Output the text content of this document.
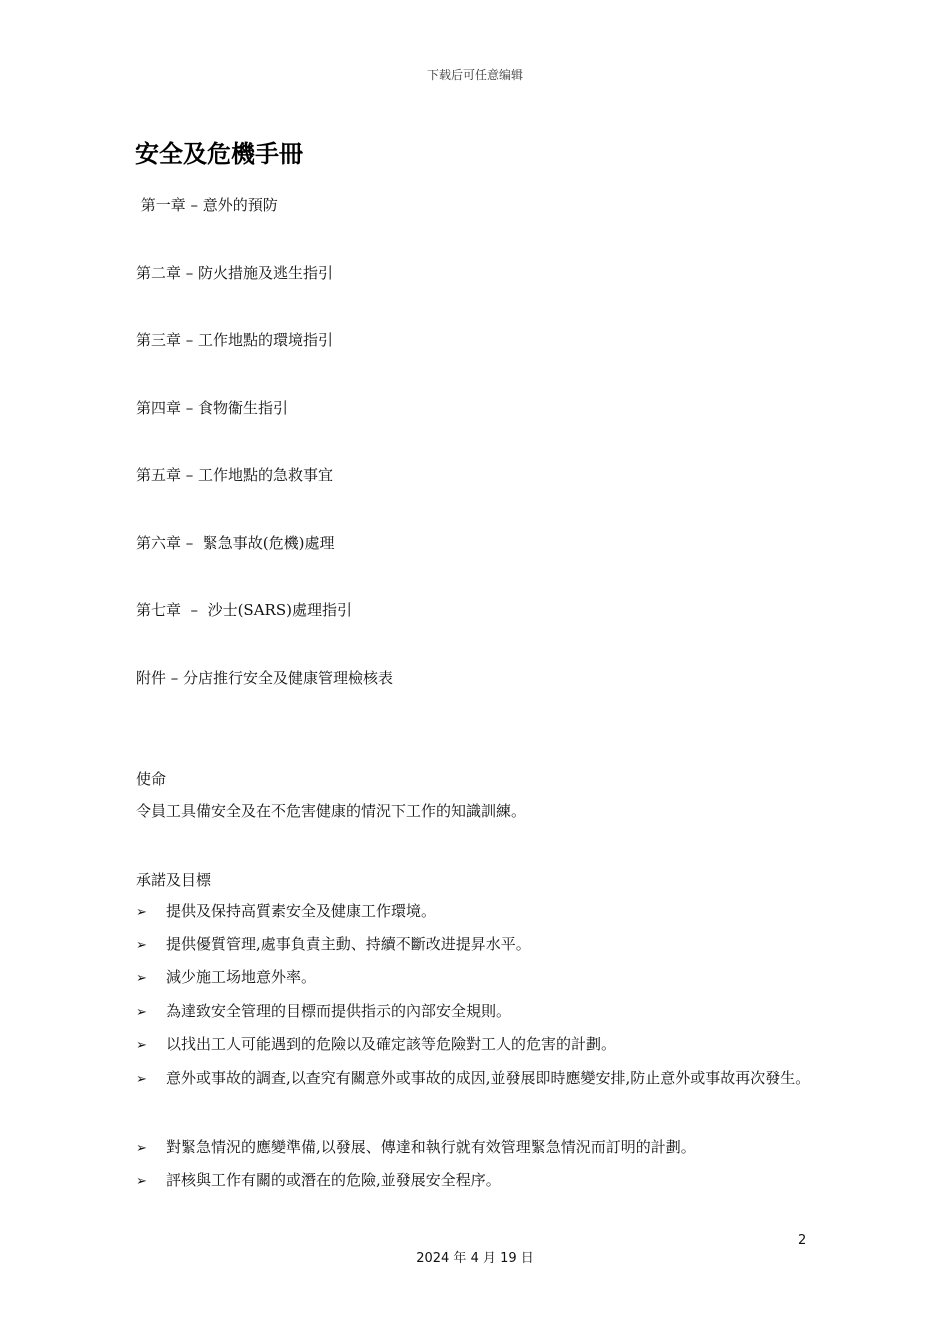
下载后可任意编辑
安全及危機手冊
第一章 – 意外的預防
第二章 – 防火措施及逃生指引
第三章 – 工作地點的環境指引
第四章 – 食物衞生指引
第五章 – 工作地點的急救事宜
第六章 –  緊急事故(危機)處理
第七章  –  沙士(SARS)處理指引
附件 – 分店推行安全及健康管理檢核表
使命
令員工具備安全及在不危害健康的情況下工作的知識訓練。
承諾及目標
➢ 提供及保持高質素安全及健康工作環境。
➢ 提供優質管理,處事負責主動、持續不斷改进提昇水平。
➢ 減少施工场地意外率。
➢ 為達致安全管理的目標而提供指示的內部安全規則。
➢ 以找出工人可能遇到的危險以及確定該等危險對工人的危害的計劃。
➢ 意外或事故的調查,以查究有關意外或事故的成因,並發展即時應變安排,防止意外或事故再次發生。
➢ 對緊急情況的應變準備,以發展、傳達和執行就有效管理緊急情況而訂明的計劃。
➢ 評核與工作有關的或潛在的危險,並發展安全程序。
2
2024 年 4 月 19 日
